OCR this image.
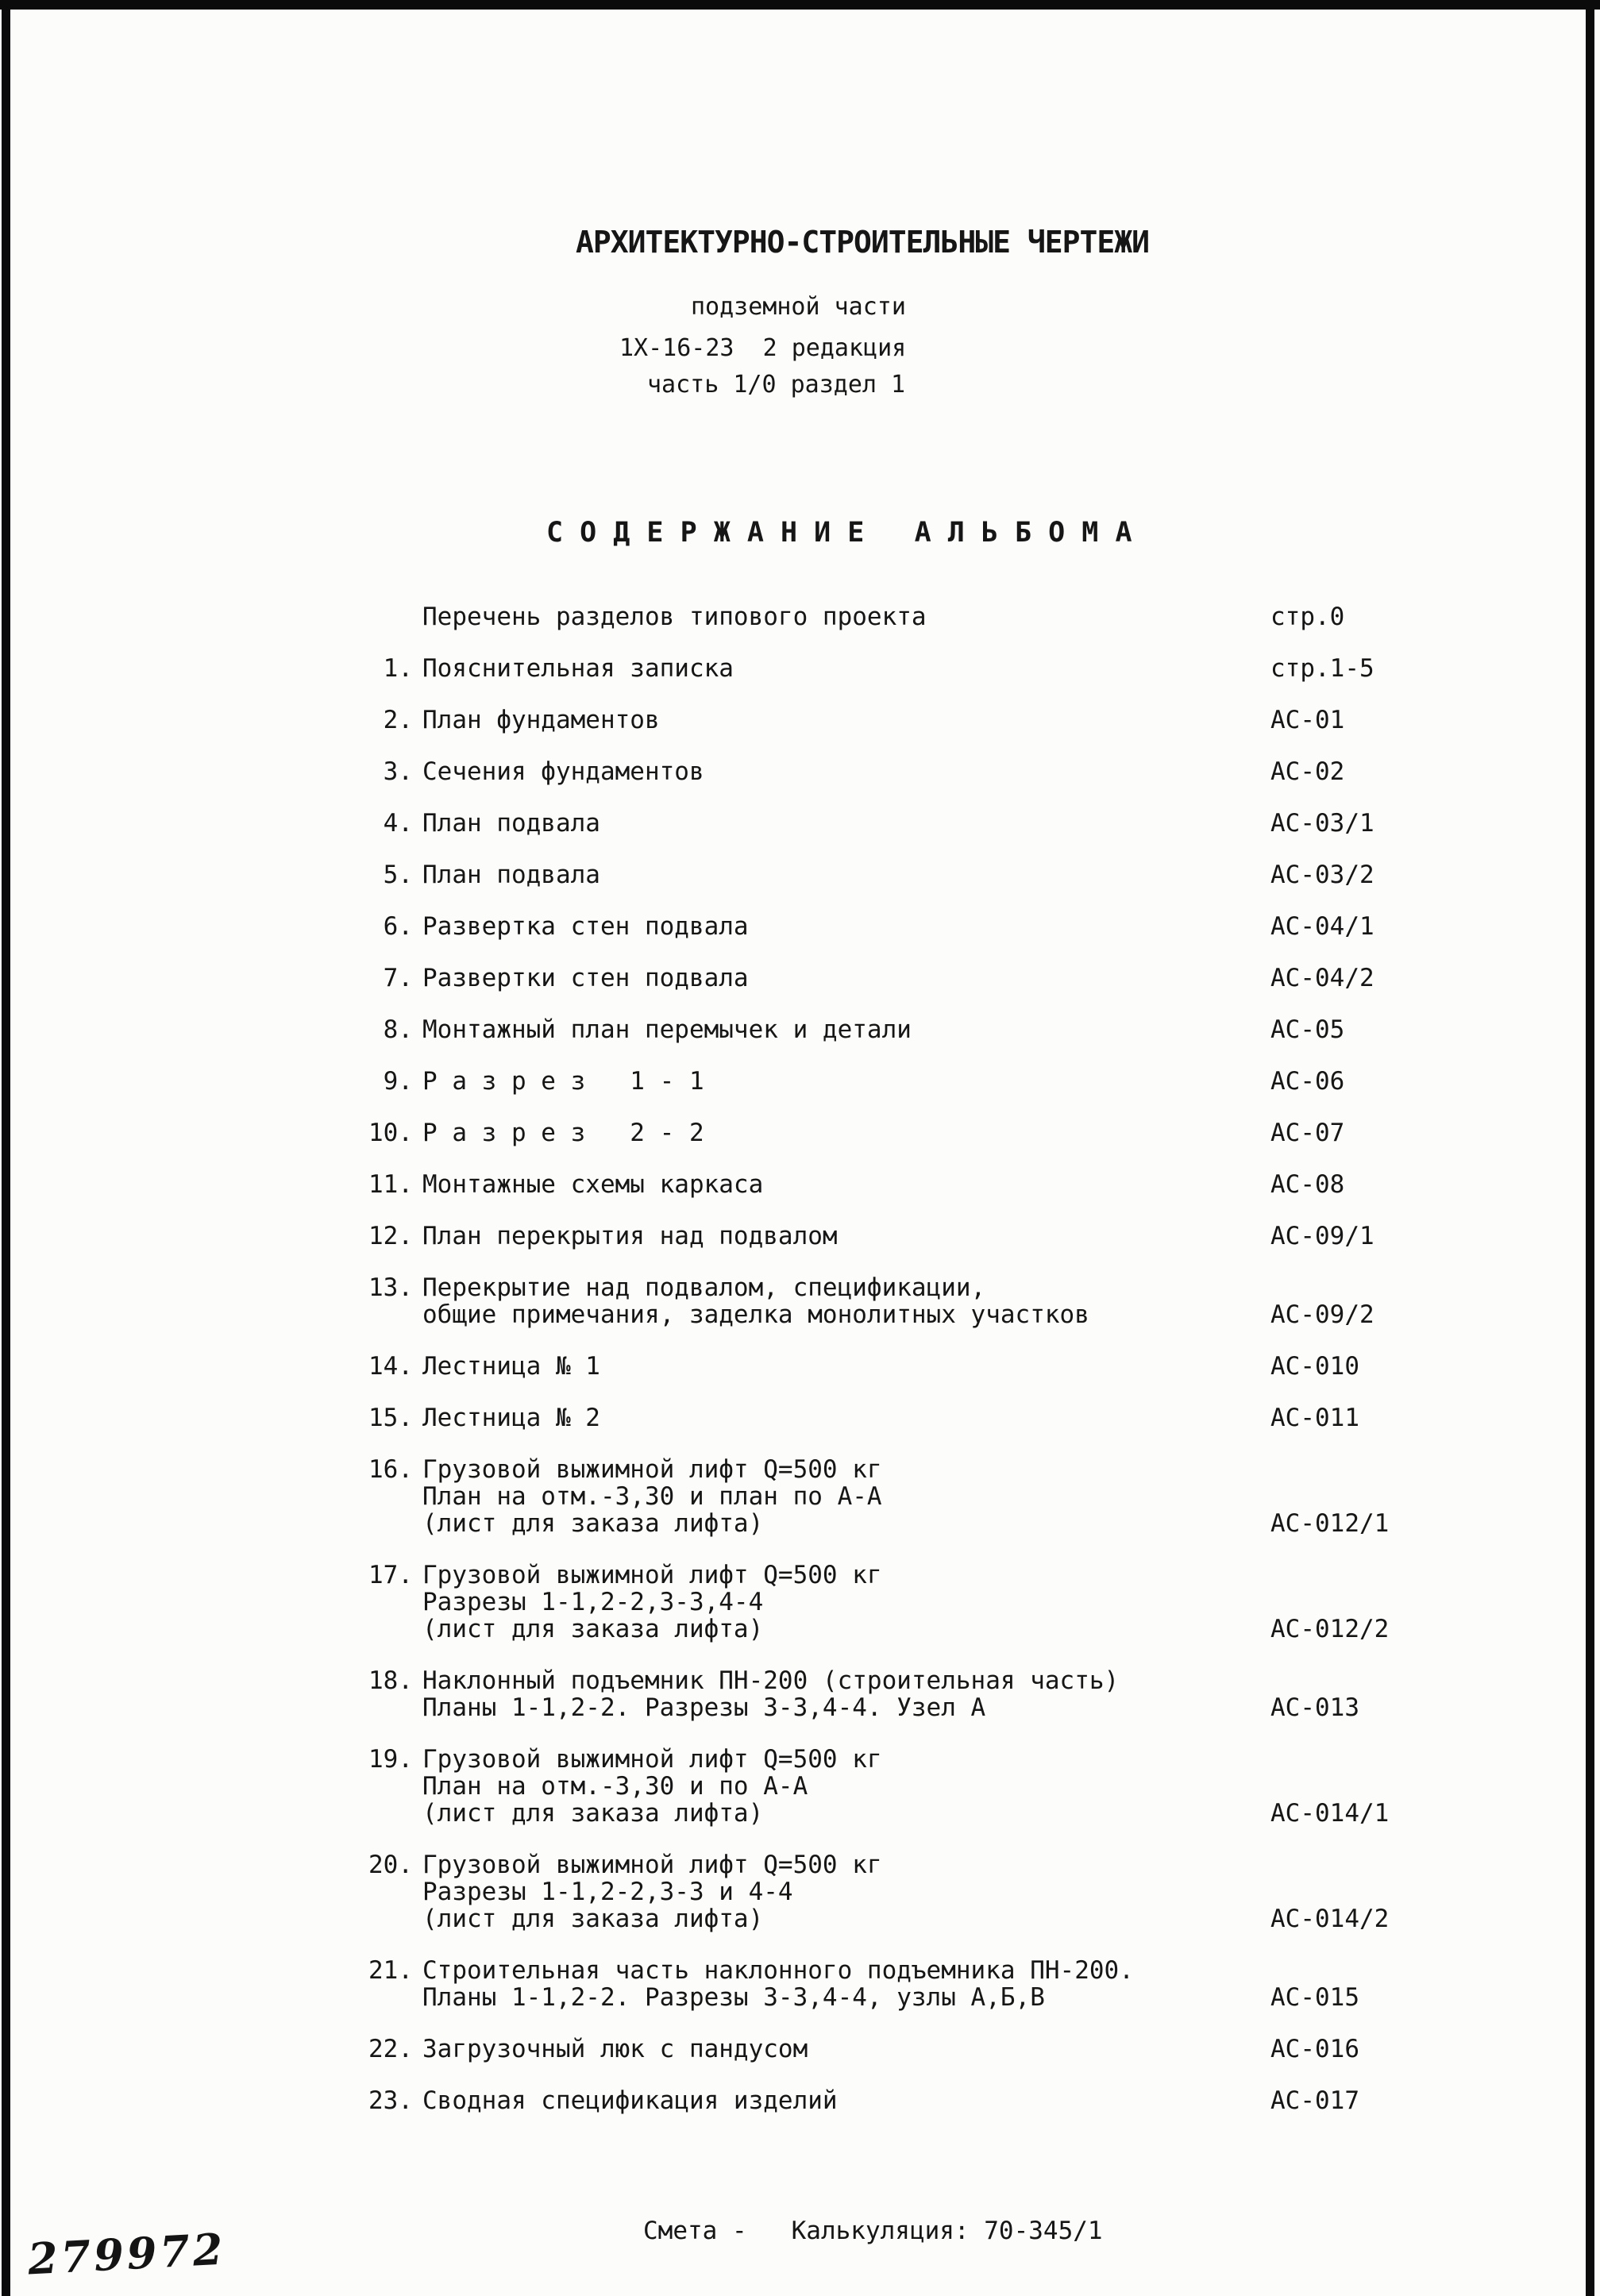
АРХИТЕКТУРНО-СТРОИТЕЛЬНЫЕ ЧЕРТЕЖИ
подземной части
1Х-16-23  2 редакция
часть 1/0 раздел 1
С О Д Е Р Ж А Н И Е   А Л Ь Б О М А
Перечень разделов типового проекта	стр.0
1. Пояснительная записка	стр.1-5
2. План фундаментов	АС-01
3. Сечения фундаментов	АС-02
4. План подвала	АС-03/1
5. План подвала	АС-03/2
6. Развертка стен подвала	АС-04/1
7. Развертки стен подвала	АС-04/2
8. Монтажный план перемычек и детали	АС-05
9. Р а з р е з   1 - 1	АС-06
10. Р а з р е з   2 - 2	АС-07
11. Монтажные схемы каркаса	АС-08
12. План перекрытия над подвалом	АС-09/1
13. Перекрытие над подвалом, спецификации,
общие примечания, заделка монолитных участков	АС-09/2
14. Лестница № 1	АС-010
15. Лестница № 2	АС-011
16. Грузовой выжимной лифт Q=500 кг
План на отм.-3,30 и план по А-А
(лист для заказа лифта)	АС-012/1
17. Грузовой выжимной лифт Q=500 кг
Разрезы 1-1,2-2,3-3,4-4
(лист для заказа лифта)	АС-012/2
18. Наклонный подъемник ПН-200 (строительная часть)
Планы 1-1,2-2. Разрезы 3-3,4-4. Узел А	АС-013
19. Грузовой выжимной лифт Q=500 кг
План на отм.-3,30 и по А-А
(лист для заказа лифта)	АС-014/1
20. Грузовой выжимной лифт Q=500 кг
Разрезы 1-1,2-2,3-3 и 4-4
(лист для заказа лифта)	АС-014/2
21. Строительная часть наклонного подъемника ПН-200.
Планы 1-1,2-2. Разрезы 3-3,4-4, узлы А,Б,В	АС-015
22. Загрузочный люк с пандусом	АС-016
23. Сводная спецификация изделий	АС-017
Смета -   Калькуляция: 70-345/1
279972
